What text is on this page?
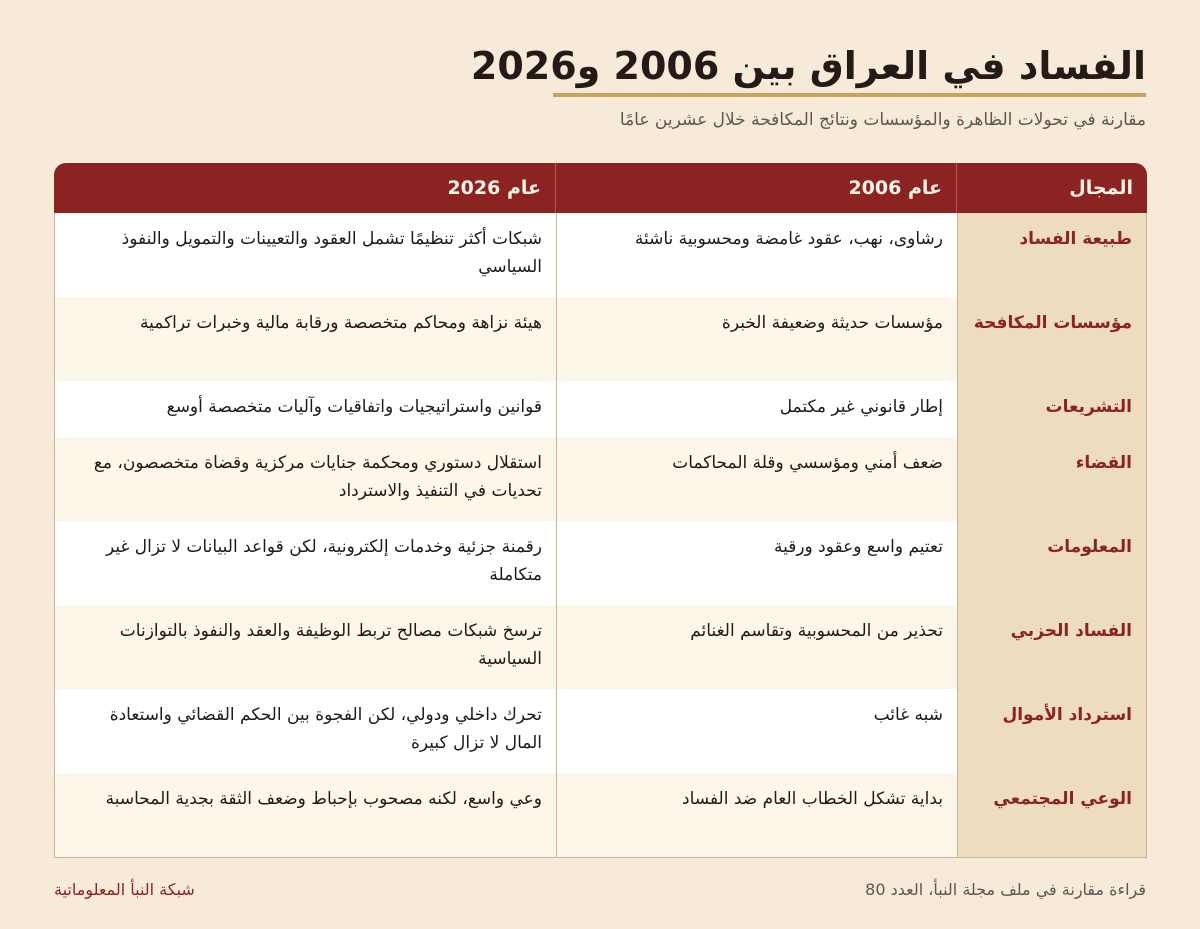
الفساد في العراق بين 2006 و2026

مقارنة في تحولات الظاهرة والمؤسسات ونتائج المكافحة خلال عشرين عامًا

المجال	عام 2006	عام 2026
طبيعة الفساد	رشاوى، نهب، عقود غامضة ومحسوبية ناشئة	شبكات أكثر تنظيمًا تشمل العقود والتعيينات والتمويل والنفوذ السياسي
مؤسسات المكافحة	مؤسسات حديثة وضعيفة الخبرة	هيئة نزاهة ومحاكم متخصصة ورقابة مالية وخبرات تراكمية
التشريعات	إطار قانوني غير مكتمل	قوانين واستراتيجيات واتفاقيات وآليات متخصصة أوسع
القضاء	ضعف أمني ومؤسسي وقلة المحاكمات	استقلال دستوري ومحكمة جنايات مركزية وقضاة متخصصون، مع تحديات في التنفيذ والاسترداد
المعلومات	تعتيم واسع وعقود ورقية	رقمنة جزئية وخدمات إلكترونية، لكن قواعد البيانات لا تزال غير متكاملة
الفساد الحزبي	تحذير من المحسوبية وتقاسم الغنائم	ترسخ شبكات مصالح تربط الوظيفة والعقد والنفوذ بالتوازنات السياسية
استرداد الأموال	شبه غائب	تحرك داخلي ودولي، لكن الفجوة بين الحكم القضائي واستعادة المال لا تزال كبيرة
الوعي المجتمعي	بداية تشكل الخطاب العام ضد الفساد	وعي واسع، لكنه مصحوب بإحباط وضعف الثقة بجدية المحاسبة
قراءة مقارنة في ملف مجلة النبأ، العدد 80
شبكة النبأ المعلوماتية
